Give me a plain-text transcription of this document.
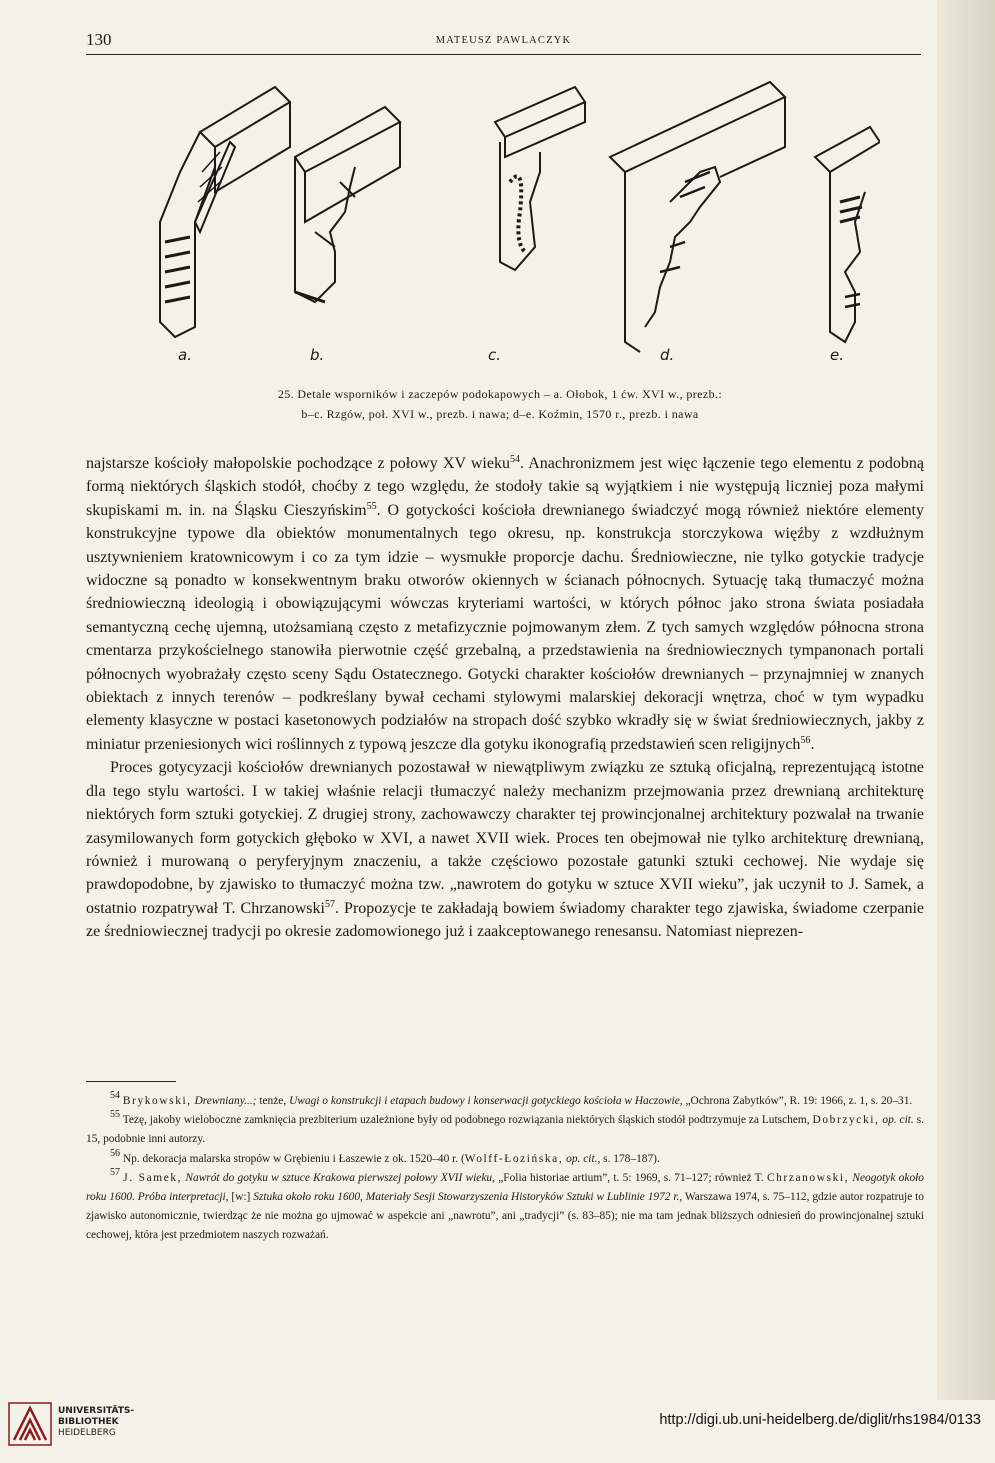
130	MATEUSZ PAWLACZYK
a.	b.	c.	d.	e.
25. Detale wsporników i zaczepów podokapowych – a. Ołobok, 1 ćw. XVI w., prezb.:
b–c. Rzgów, poł. XVI w., prezb. i nawa; d–e. Koźmin, 1570 r., prezb. i nawa

najstarsze kościoły małopolskie pochodzące z połowy XV wieku$^{54}$. Anachronizmem jest więc łączenie tego elementu z podobną formą niektórych śląskich stodół, choćby z tego względu, że stodoły takie są wyjątkiem i nie występują liczniej poza małymi skupiskami m. in. na Śląsku Cieszyńskim$^{55}$. O gotyckości kościoła drewnianego świadczyć mogą również niektóre elementy konstrukcyjne typowe dla obiektów monumentalnych tego okresu, np. konstrukcja storczykowa więźby z wzdłużnym usztywnieniem kratownicowym i co za tym idzie – wysmukłe proporcje dachu. Średniowieczne, nie tylko gotyckie tradycje widoczne są ponadto w konsekwentnym braku otworów okiennych w ścianach północnych. Sytuację taką tłumaczyć można średniowieczną ideologią i obowiązującymi wówczas kryteriami wartości, w których północ jako strona świata posiadała semantyczną cechę ujemną, utożsamianą często z metafizycznie pojmowanym złem. Z tych samych względów północna strona cmentarza przykościelnego stanowiła pierwotnie część grzebalną, a przedstawienia na średniowiecznych tympanonach portali północnych wyobrażały często sceny Sądu Ostatecznego. Gotycki charakter kościołów drewnianych – przynajmniej w znanych obiektach z innych terenów – podkreślany bywał cechami stylowymi malarskiej dekoracji wnętrza, choć w tym wypadku elementy klasyczne w postaci kasetonowych podziałów na stropach dość szybko wkradły się w świat średniowiecznych, jakby z miniatur przeniesionych wici roślinnych z typową jeszcze dla gotyku ikonografią przedstawień scen religijnych$^{56}$.

Proces gotycyzacji kościołów drewnianych pozostawał w niewątpliwym związku ze sztuką oficjalną, reprezentującą istotne dla tego stylu wartości. I w takiej właśnie relacji tłumaczyć należy mechanizm przejmowania przez drewnianą architekturę niektórych form sztuki gotyckiej. Z drugiej strony, zachowawczy charakter tej prowincjonalnej architektury pozwalał na trwanie zasymilowanych form gotyckich głęboko w XVI, a nawet XVII wiek. Proces ten obejmował nie tylko architekturę drewnianą, również i murowaną o peryferyjnym znaczeniu, a także częściowo pozostałe gatunki sztuki cechowej. Nie wydaje się prawdopodobne, by zjawisko to tłumaczyć można tzw. „nawrotem do gotyku w sztuce XVII wieku”, jak uczynił to J. Samek, a ostatnio rozpatrywał T. Chrzanowski$^{57}$. Propozycje te zakładają bowiem świadomy charakter tego zjawiska, świadome czerpanie ze średniowiecznej tradycji po okresie zadomowionego już i zaakceptowanego renesansu. Natomiast nieprezen-

$^{54}$ Brykowski, Drewniany...; tenże, Uwagi o konstrukcji i etapach budowy i konserwacji gotyckiego kościoła w Haczowie, „Ochrona Zabytków”, R. 19: 1966, z. 1, s. 20–31.

$^{55}$ Tezę, jakoby wieloboczne zamknięcia prezbiterium uzależnione były od podobnego rozwiązania niektórych śląskich stodół podtrzymuje za Lutschem, Dobrzycki, op. cit. s. 15, podobnie inni autorzy.

$^{56}$ Np. dekoracja malarska stropów w Grębieniu i Łaszewie z ok. 1520–40 r. (Wolff-Łozińska, op. cit., s. 178–187).

$^{57}$ J. Samek, Nawrót do gotyku w sztuce Krakowa pierwszej połowy XVII wieku, „Folia historiae artium”, t. 5: 1969, s. 71–127; również T. Chrzanowski, Neogotyk około roku 1600. Próba interpretacji, [w:] Sztuka około roku 1600, Materiały Sesji Stowarzyszenia Historyków Sztuki w Lublinie 1972 r., Warszawa 1974, s. 75–112, gdzie autor rozpatruje to zjawisko autonomicznie, twierdząc że nie można go ujmować w aspekcie ani „nawrotu”, ani „tradycji” (s. 83–85); nie ma tam jednak bliższych odniesień do prowincjonalnej sztuki cechowej, która jest przedmiotem naszych rozważań.

UNIVERSITÄTS-
BIBLIOTHEK
HEIDELBERG
http://digi.ub.uni-heidelberg.de/diglit/rhs1984/0133
